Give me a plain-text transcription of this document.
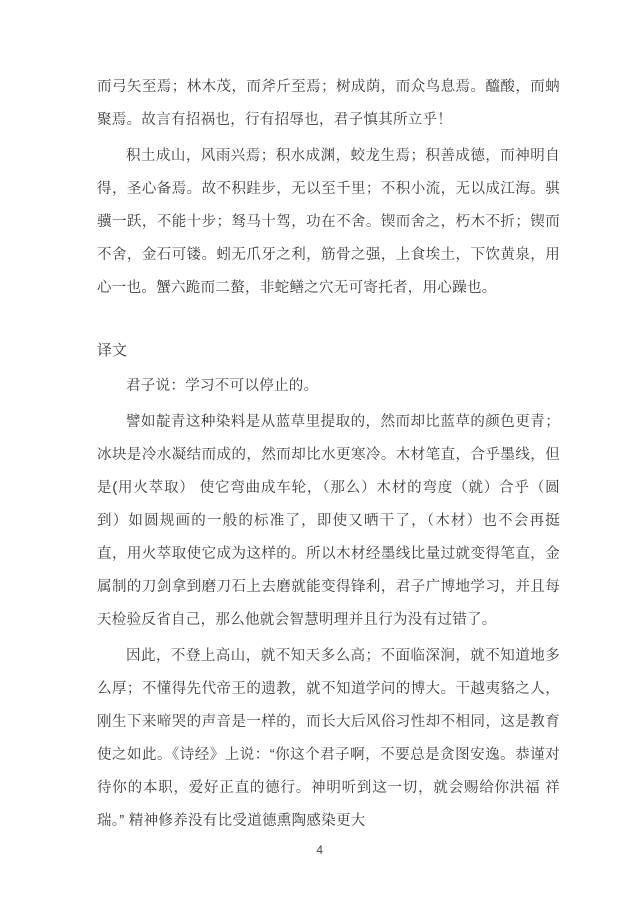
而弓矢至焉；林木茂，而斧斤至焉；树成荫，而众鸟息焉。醯酸，而蚋聚焉。故言有招祸也，行有招辱也，君子慎其所立乎！

积土成山，风雨兴焉；积水成渊，蛟龙生焉；积善成德，而神明自得，圣心备焉。故不积跬步，无以至千里；不积小流，无以成江海。骐骥一跃，不能十步；驽马十驾，功在不舍。锲而舍之，朽木不折；锲而不舍，金石可镂。蚓无爪牙之利，筋骨之强，上食埃土，下饮黄泉，用心一也。蟹六跪而二螯，非蛇鳝之穴无可寄托者，用心躁也。

译文

君子说：学习不可以停止的。

譬如靛青这种染料是从蓝草里提取的，然而却比蓝草的颜色更青；冰块是冷水凝结而成的，然而却比水更寒冷。木材笔直，合乎墨线，但是(用火萃取） 使它弯曲成车轮，（那么）木材的弯度（就）合乎（圆到）如圆规画的一般的标准了，即使又晒干了，（木材）也不会再挺直，用火萃取使它成为这样的。所以木材经墨线比量过就变得笔直，金属制的刀剑拿到磨刀石上去磨就能变得锋利，君子广博地学习，并且每天检验反省自己，那么他就会智慧明理并且行为没有过错了。

因此，不登上高山，就不知天多么高；不面临深涧，就不知道地多么厚；不懂得先代帝王的遗教，就不知道学问的博大。干越夷貉之人，刚生下来啼哭的声音是一样的，而长大后风俗习性却不相同，这是教育使之如此。《诗经》上说：“你这个君子啊，不要总是贪图安逸。恭谨对待你的本职，爱好正直的德行。神明听到这一切，就会赐给你洪福 祥瑞。” 精神修养没有比受道德熏陶感染更大

4
